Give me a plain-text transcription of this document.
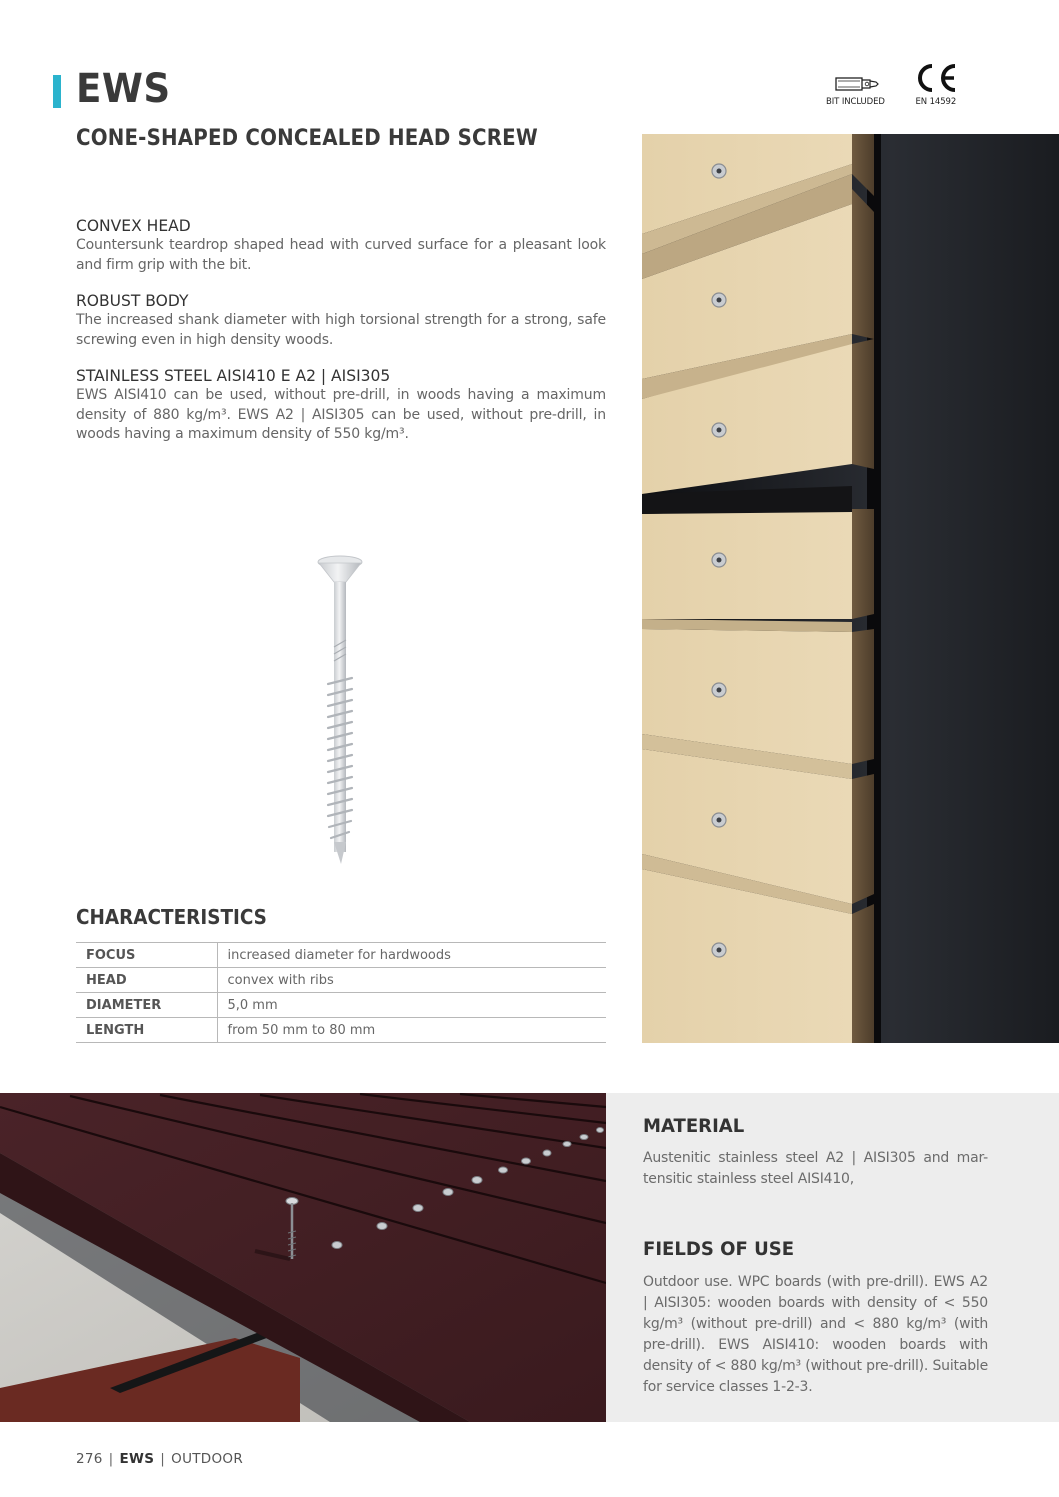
EWS
CONE-SHAPED CONCEALED HEAD SCREW
BIT INCLUDED	EN 14592
CONVEX HEAD

Countersunk teardrop shaped head with curved surface for a pleasant look and firm grip with the bit.

ROBUST BODY

The increased shank diameter with high torsional strength for a strong, safe screwing even in high density woods.

STAINLESS STEEL AISI410 E A2 | AISI305

EWS AISI410 can be used, without pre-drill, in woods having a maximum density of 880 kg/m³. EWS A2 | AISI305 can be used, without pre-drill, in woods having a maximum density of 550 kg/m³.

CHARACTERISTICS
FOCUS	increased diameter for hardwoods
HEAD	convex with ribs
DIAMETER	5,0 mm
LENGTH	from 50 mm to 80 mm
MATERIAL

Austenitic stainless steel A2 | AISI305 and mar-tensitic stainless steel AISI410,

FIELDS OF USE

Outdoor use. WPC boards (with pre-drill). EWS A2 | AISI305: wooden boards with density of < 550 kg/m³ (without pre-drill) and < 880 kg/m³ (with pre-drill). EWS AISI410: wooden boards with density of < 880 kg/m³ (without pre-drill). Suitable for service classes 1-2-3.

276 | EWS | OUTDOOR
